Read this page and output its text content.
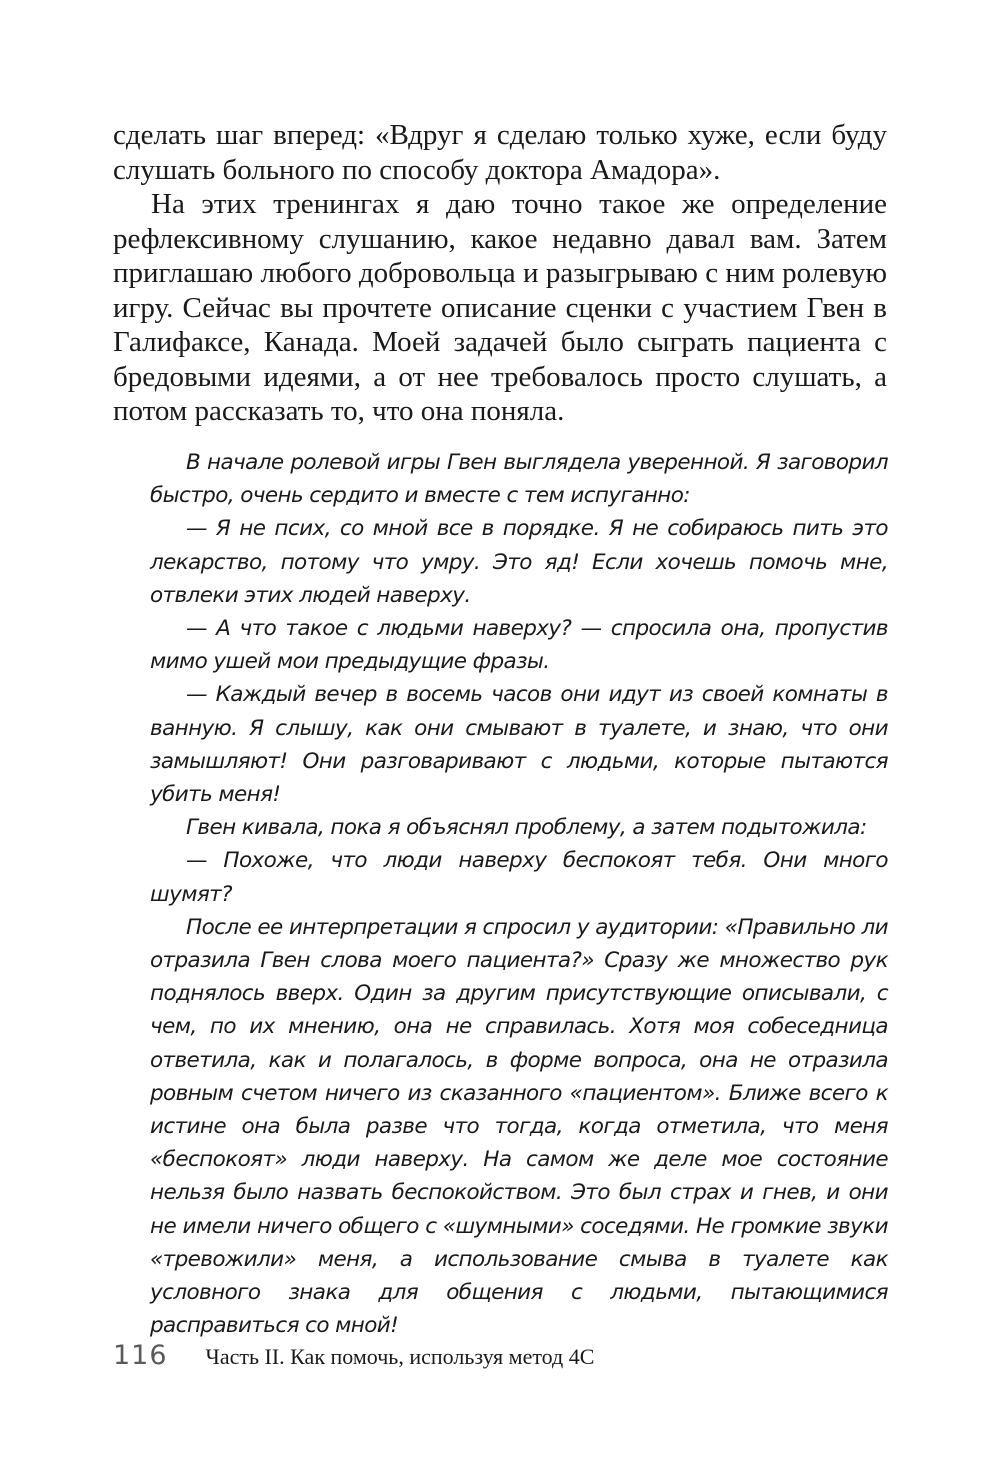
сделать шаг вперед: «Вдруг я сделаю только хуже, если буду слушать больного по способу доктора Амадора».

На этих тренингах я даю точно такое же определение рефлексивному слушанию, какое недавно давал вам. Затем приглашаю любого добровольца и разыгрываю с ним ролевую игру. Сейчас вы прочтете описание сценки с участием Гвен в Галифаксе, Канада. Моей задачей было сыграть пациента с бредовыми идеями, а от нее требовалось просто слушать, а потом рассказать то, что она поняла.

В начале ролевой игры Гвен выглядела уверенной. Я заговорил быстро, очень сердито и вместе с тем испуганно:

— Я не псих, со мной все в порядке. Я не собираюсь пить это лекарство, потому что умру. Это яд! Если хочешь помочь мне, отвлеки этих людей наверху.

— А что такое с людьми наверху? — спросила она, пропустив мимо ушей мои предыдущие фразы.

— Каждый вечер в восемь часов они идут из своей комнаты в ванную. Я слышу, как они смывают в туалете, и знаю, что они замышляют! Они разговаривают с людьми, которые пытаются убить меня!

Гвен кивала, пока я объяснял проблему, а затем подытожила:

— Похоже, что люди наверху беспокоят тебя. Они много шумят?

После ее интерпретации я спросил у аудитории: «Правильно ли отразила Гвен слова моего пациента?» Сразу же множество рук поднялось вверх. Один за другим присутствующие описывали, с чем, по их мнению, она не справилась. Хотя моя собеседница ответила, как и полагалось, в форме вопроса, она не отразила ровным счетом ничего из сказанного «пациентом». Ближе всего к истине она была разве что тогда, когда отметила, что меня «беспокоят» люди наверху. На самом же деле мое состояние нельзя было назвать беспокойством. Это был страх и гнев, и они не имели ничего общего с «шумными» соседями. Не громкие звуки «тревожили» меня, а использование смыва в туалете как условного знака для общения с людьми, пытающимися расправиться со мной!

116 Часть II. Как помочь, используя метод 4С
